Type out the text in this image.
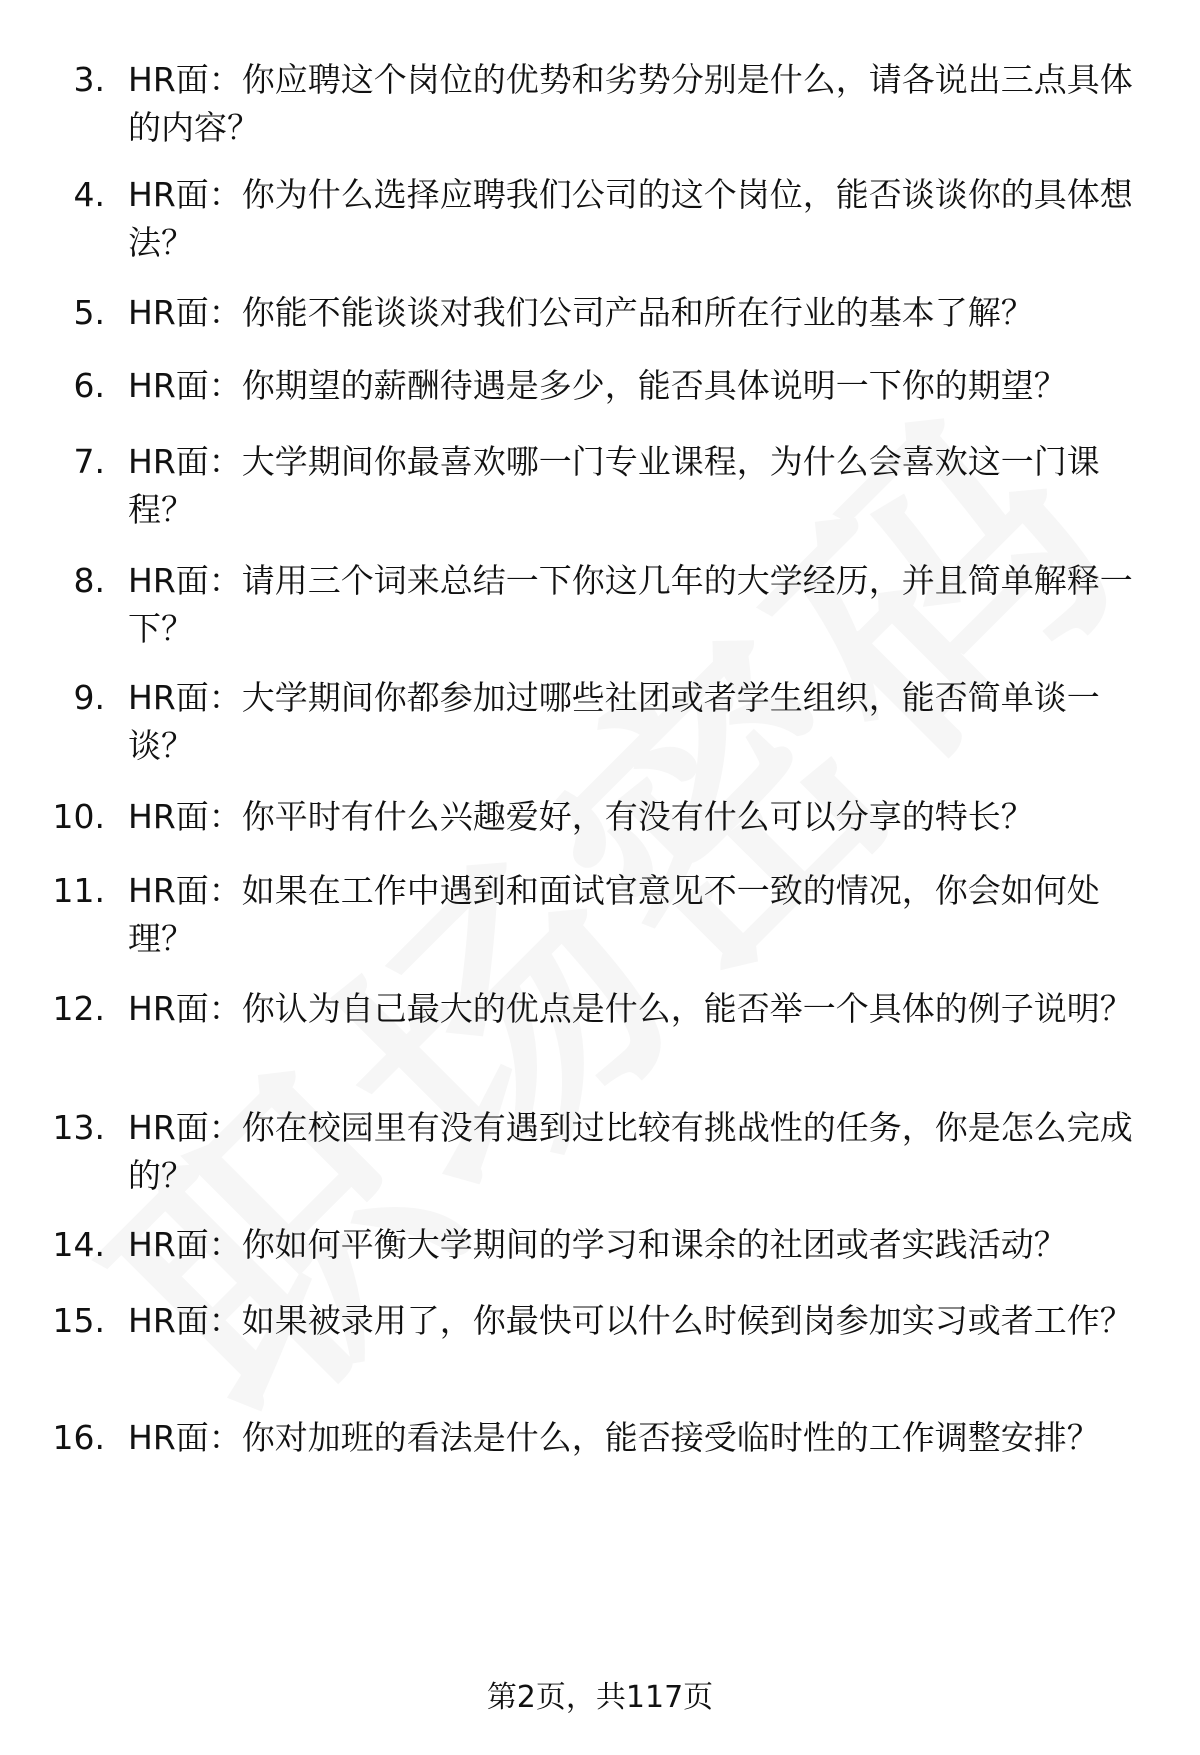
3. HR面：你应聘这个岗位的优势和劣势分别是什么，请各说出三点具体的内容？
4. HR面：你为什么选择应聘我们公司的这个岗位，能否谈谈你的具体想法？
5. HR面：你能不能谈谈对我们公司产品和所在行业的基本了解？
6. HR面：你期望的薪酬待遇是多少，能否具体说明一下你的期望？
7. HR面：大学期间你最喜欢哪一门专业课程，为什么会喜欢这一门课程？
8. HR面：请用三个词来总结一下你这几年的大学经历，并且简单解释一下？
9. HR面：大学期间你都参加过哪些社团或者学生组织，能否简单谈一谈？
10. HR面：你平时有什么兴趣爱好，有没有什么可以分享的特长？
11. HR面：如果在工作中遇到和面试官意见不一致的情况，你会如何处理？
12. HR面：你认为自己最大的优点是什么，能否举一个具体的例子说明？
13. HR面：你在校园里有没有遇到过比较有挑战性的任务，你是怎么完成的？
14. HR面：你如何平衡大学期间的学习和课余的社团或者实践活动？
15. HR面：如果被录用了，你最快可以什么时候到岗参加实习或者工作？
16. HR面：你对加班的看法是什么，能否接受临时性的工作调整安排？
第2页，共117页
